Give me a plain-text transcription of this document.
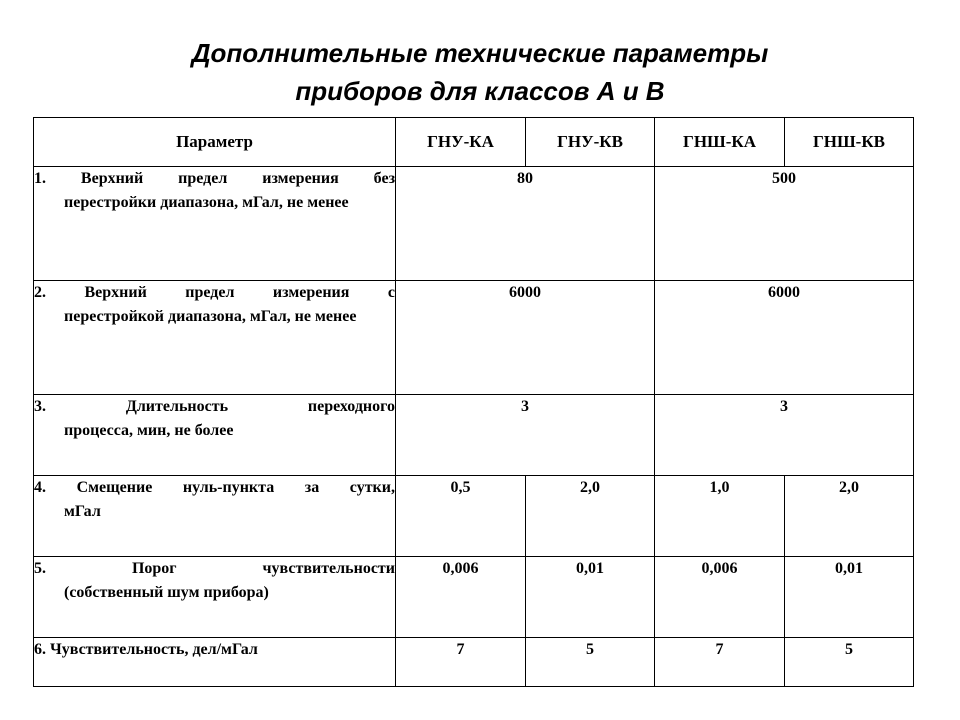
Дополнительные технические параметры
приборов для классов А и В
Параметр	ГНУ-КА	ГНУ-КВ	ГНШ-КА	ГНШ-КВ

1. Верхний предел измерения без
перестройки диапазона, мГал, не менее	80		500	

2. Верхний предел измерения с
перестройкой диапазона, мГал, не менее	6000		6000	

3. Длительность переходного
процесса, мин, не более	3		3	

4. Смещение нуль-пункта за сутки,
мГал	0,5	2,0	1,0	2,0

5. Порог чувствительности
(собственный шум прибора)	0,006	0,01	0,006	0,01

6. Чувствительность, дел/мГал	7	5	7	5
